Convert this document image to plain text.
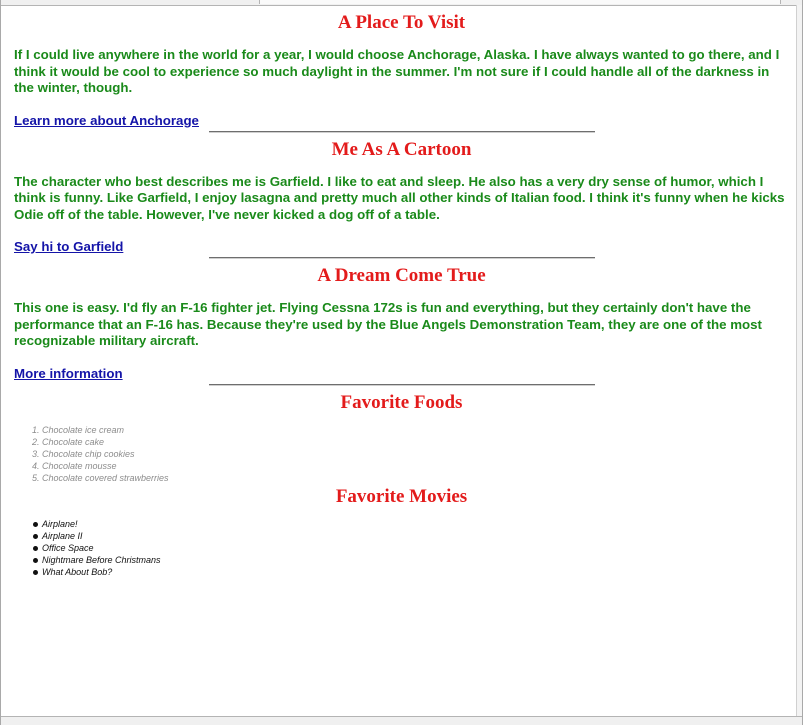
A Place To Visit

If I could live anywhere in the world for a year, I would choose Anchorage, Alaska. I have always wanted to go there, and I think it would be cool to experience so much daylight in the summer. I'm not sure if I could handle all of the darkness in the winter, though.

Learn more about Anchorage
Me As A Cartoon

The character who best describes me is Garfield. I like to eat and sleep. He also has a very dry sense of humor, which I think is funny. Like Garfield, I enjoy lasagna and pretty much all other kinds of Italian food. I think it's funny when he kicks Odie off of the table. However, I've never kicked a dog off of a table.

Say hi to Garfield
A Dream Come True

This one is easy. I'd fly an F-16 fighter jet. Flying Cessna 172s is fun and everything, but they certainly don't have the performance that an F-16 has. Because they're used by the Blue Angels Demonstration Team, they are one of the most recognizable military aircraft.

More information
Favorite Foods
1. Chocolate ice cream
2. Chocolate cake
3. Chocolate chip cookies
4. Chocolate mousse
5. Chocolate covered strawberries
Favorite Movies
Airplane!
Airplane II
Office Space
Nightmare Before Christmans
What About Bob?
